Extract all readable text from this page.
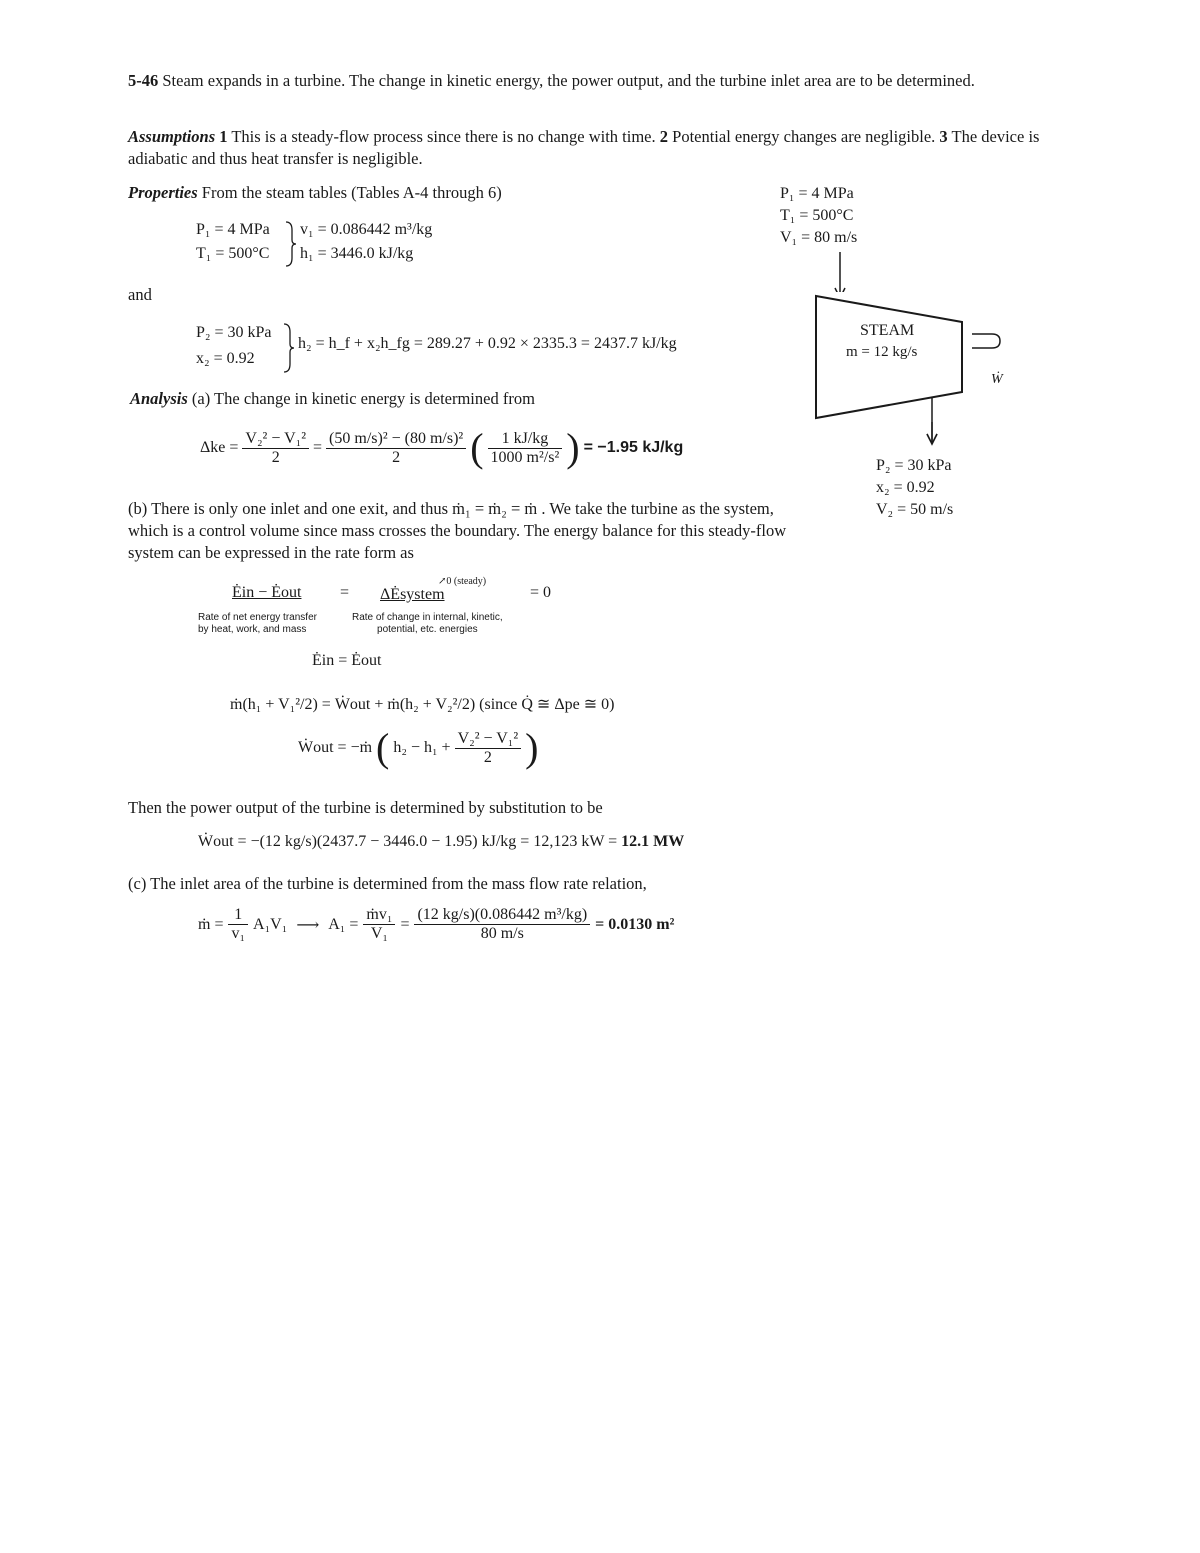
5-46 Steam expands in a turbine. The change in kinetic energy, the power output, and the turbine inlet area are to be determined.
Assumptions 1 This is a steady-flow process since there is no change with time. 2 Potential energy changes are negligible. 3 The device is adiabatic and thus heat transfer is negligible.
Properties From the steam tables (Tables A-4 through 6)
P₁ = 4 MPa
T₁ = 500°C
v₁ = 0.086442 m³/kg
h₁ = 3446.0 kJ/kg
and
P₂ = 30 kPa
x₂ = 0.92
h₂ = h_f + x₂h_fg = 289.27 + 0.92 × 2335.3 = 2437.7 kJ/kg
Analysis (a) The change in kinetic energy is determined from
$\Delta ke = \frac{\text{V₂² − V₁²}}{2} = \frac{\text{(50 m/s)² − (80 m/s)²}}{2}$ ( $\frac{1 kJ/kg}{\text{1000 m²/s²}}$ ) = −1.95 kJ/kg
(b) There is only one inlet and one exit, and thus ṁ₁ = ṁ₂ = ṁ . We take the turbine as the system, which is a control volume since mass crosses the boundary. The energy balance for this steady-flow system can be expressed in the rate form as
Ėin − Ėout = ΔĖsystem
↗0 (steady)
= 0
Rate of net energy transfer
by heat, work, and mass
Rate of change in internal, kinetic,
potential, etc. energies
Ėin = Ėout
ṁ(h₁ + V₁²/2) = Ẇout + ṁ(h₂ + V₂²/2) (since Q̇ ≅ Δpe ≅ 0)
Ẇout = −ṁ ( $h_2 - h_1 + \frac{\text{V₂² − V₁²}}{2}$ )
Then the power output of the turbine is determined by substitution to be
Ẇout = −(12 kg/s)(2437.7 − 3446.0 − 1.95) kJ/kg = 12,123 kW = 12.1 MW
(c) The inlet area of the turbine is determined from the mass flow rate relation,
ṁ = $\frac{1}{\text{v₁}} A_1V_1$ ⟶ $A_1 = \frac{\text{ṁv₁}}{\text{V₁}} = \frac{\text{(12 kg/s)(0.086442 m³/kg)}}{80 m/s} = 0.0130$ m²
P₁ = 4 MPa
T₁ = 500°C
V₁ = 80 m/s
STEAM
m = 12 kg/s
Ẇ
P₂ = 30 kPa
x₂ = 0.92
V₂ = 50 m/s
